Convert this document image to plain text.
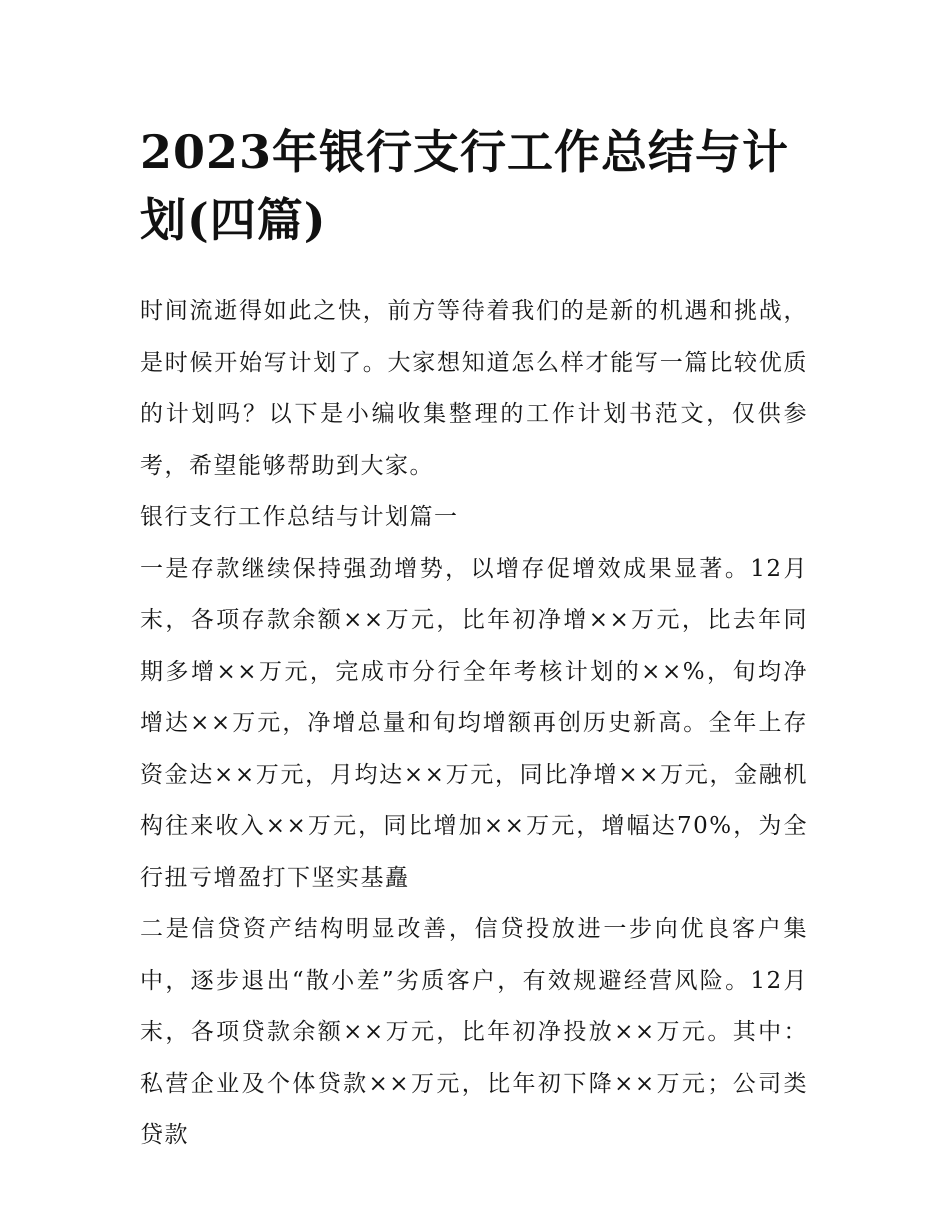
2023年银行支行工作总结与计划(四篇)

时间流逝得如此之快，前方等待着我们的是新的机遇和挑战，是时候开始写计划了。大家想知道怎么样才能写一篇比较优质的计划吗？以下是小编收集整理的工作计划书范文，仅供参考，希望能够帮助到大家。

银行支行工作总结与计划篇一

一是存款继续保持强劲增势，以增存促增效成果显著。12月末，各项存款余额××万元，比年初净增××万元，比去年同期多增××万元，完成市分行全年考核计划的××%，旬均净增达××万元，净增总量和旬均增额再创历史新高。全年上存资金达××万元，月均达××万元，同比净增××万元，金融机构往来收入××万元，同比增加××万元，增幅达70%，为全行扭亏增盈打下坚实基矗

二是信贷资产结构明显改善，信贷投放进一步向优良客户集中，逐步退出“散小差”劣质客户，有效规避经营风险。12月末，各项贷款余额××万元，比年初净投放××万元。其中：私营企业及个体贷款××万元，比年初下降××万元；公司类贷款
